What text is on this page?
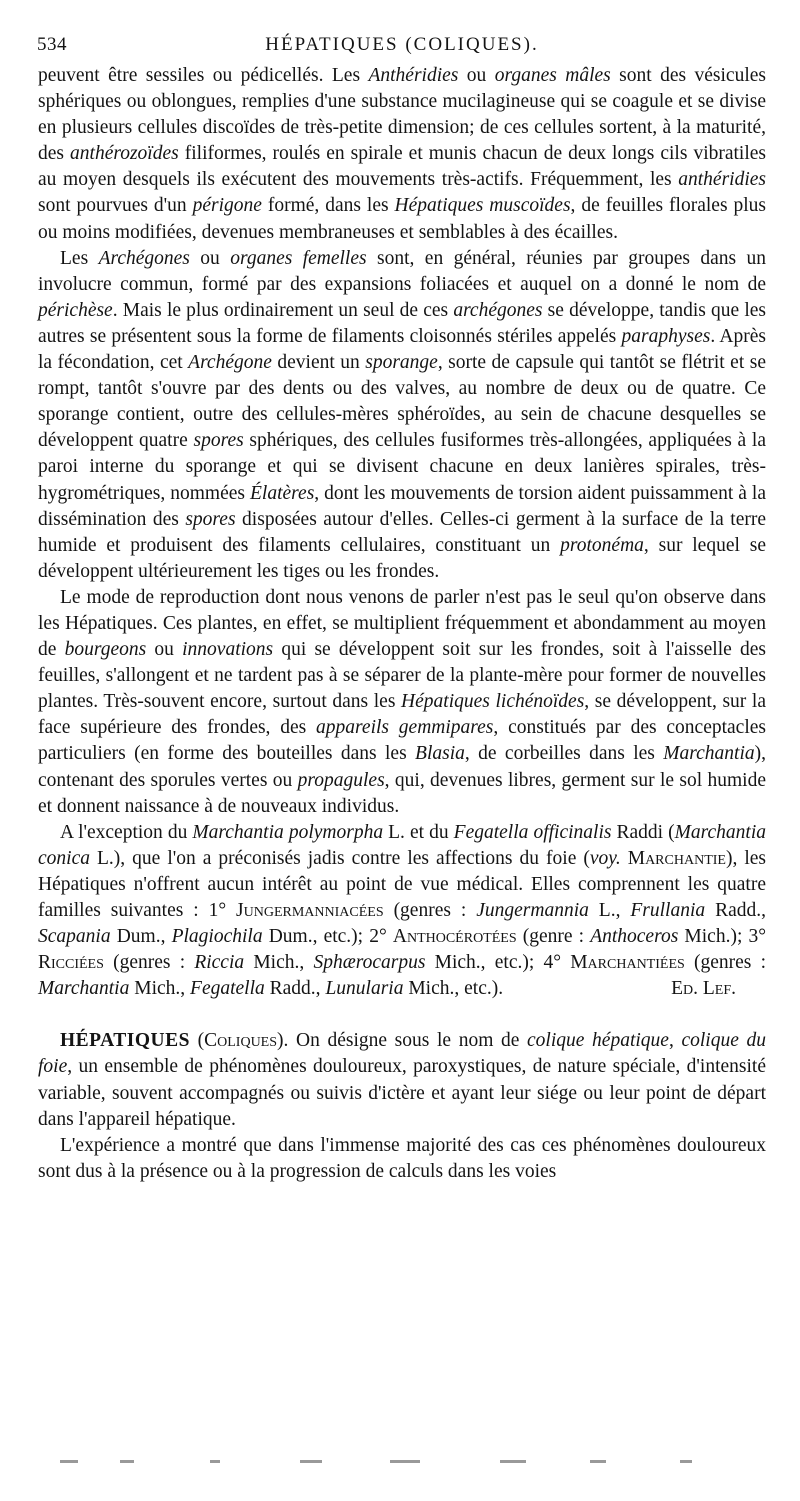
534	HÉPATIQUES (COLIQUES).

peuvent être sessiles ou pédicellés. Les Anthéridies ou organes mâles sont des vésicules sphériques ou oblongues, remplies d'une substance mucilagineuse qui se coagule et se divise en plusieurs cellules discoïdes de très-petite dimension; de ces cellules sortent, à la maturité, des anthérozoïdes filiformes, roulés en spirale et munis chacun de deux longs cils vibratiles au moyen desquels ils exécutent des mouvements très-actifs. Fréquemment, les anthéridies sont pourvues d'un périgone formé, dans les Hépatiques muscoïdes, de feuilles florales plus ou moins modifiées, devenues membraneuses et semblables à des écailles.

Les Archégones ou organes femelles sont, en général, réunies par groupes dans un involucre commun, formé par des expansions foliacées et auquel on a donné le nom de périchèse. Mais le plus ordinairement un seul de ces archégones se développe, tandis que les autres se présentent sous la forme de filaments cloisonnés stériles appelés paraphyses. Après la fécondation, cet Archégone devient un sporange, sorte de capsule qui tantôt se flétrit et se rompt, tantôt s'ouvre par des dents ou des valves, au nombre de deux ou de quatre. Ce sporange contient, outre des cellules-mères sphéroïdes, au sein de chacune desquelles se développent quatre spores sphériques, des cellules fusiformes très-allongées, appliquées à la paroi interne du sporange et qui se divisent chacune en deux lanières spirales, très-hygrométriques, nommées Élatères, dont les mouvements de torsion aident puissamment à la dissémination des spores disposées autour d'elles. Celles-ci germent à la surface de la terre humide et produisent des filaments cellulaires, constituant un protonéma, sur lequel se développent ultérieurement les tiges ou les frondes.

Le mode de reproduction dont nous venons de parler n'est pas le seul qu'on observe dans les Hépatiques. Ces plantes, en effet, se multiplient fréquemment et abondamment au moyen de bourgeons ou innovations qui se développent soit sur les frondes, soit à l'aisselle des feuilles, s'allongent et ne tardent pas à se séparer de la plante-mère pour former de nouvelles plantes. Très-souvent encore, surtout dans les Hépatiques lichénoïdes, se développent, sur la face supérieure des frondes, des appareils gemmipares, constitués par des conceptacles particuliers (en forme des bouteilles dans les Blasia, de corbeilles dans les Marchantia), contenant des sporules vertes ou propagules, qui, devenues libres, germent sur le sol humide et donnent naissance à de nouveaux individus.

A l'exception du Marchantia polymorpha L. et du Fegatella officinalis Raddi (Marchantia conica L.), que l'on a préconisés jadis contre les affections du foie (voy. Marchantie), les Hépatiques n'offrent aucun intérêt au point de vue médical. Elles comprennent les quatre familles suivantes : 1° Jungermanniacées (genres : Jungermannia L., Frullania Radd., Scapania Dum., Plagiochila Dum., etc.); 2° Anthocérotées (genre : Anthoceros Mich.); 3° Ricciées (genres : Riccia Mich., Sphærocarpus Mich., etc.); 4° Marchantiées (genres : Marchantia Mich., Fegatella Radd., Lunularia Mich., etc.).	Ed. Lef.

HÉPATIQUES (Coliques). On désigne sous le nom de colique hépatique, colique du foie, un ensemble de phénomènes douloureux, paroxystiques, de nature spéciale, d'intensité variable, souvent accompagnés ou suivis d'ictère et ayant leur siége ou leur point de départ dans l'appareil hépatique.

L'expérience a montré que dans l'immense majorité des cas ces phénomènes douloureux sont dus à la présence ou à la progression de calculs dans les voies
